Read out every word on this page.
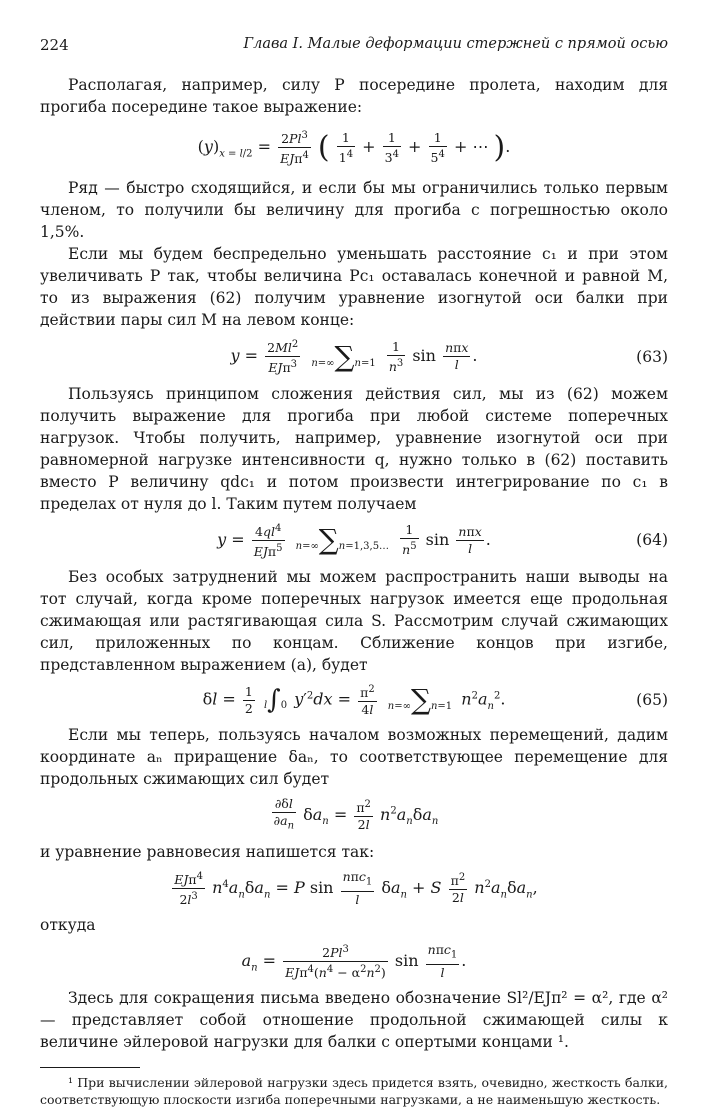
224	Глава I. Малые деформации стержней с прямой осью

Располагая, например, силу P посередине пролета, находим для прогиба посередине такое выражение:

$(y)_{x = l/2} = \frac{2Pl^3}{EJ\pi^4}$ ( $\frac{1}{1^4} + \frac{1}{3^4} + \frac{1}{5^4}$ + ⋯ ).

Ряд — быстро сходящийся, и если бы мы ограничились только первым членом, то получили бы величину для прогиба с погрешностью около 1,5%.

Если мы будем беспредельно уменьшать расстояние c₁ и при этом увеличивать P так, чтобы величина Pc₁ оставалась конечной и равной M, то из выражения (62) получим уравнение изогнутой оси балки при действии пары сил M на левом конце:

$y = \frac{2Ml^2}{EJ\pi^3} n=\infty\sum n=1 \frac{1}{n^3}$ $\sin \frac{\text{nπx}}{l}$ .	(63)

Пользуясь принципом сложения действия сил, мы из (62) можем получить выражение для прогиба при любой системе поперечных нагрузок. Чтобы получить, например, уравнение изогнутой оси при равномерной нагрузке интенсивности q, нужно только в (62) поставить вместо P величину qdc₁ и потом произвести интегрирование по c₁ в пределах от нуля до l. Таким путем получаем

$y = \frac{4ql^4}{EJ\pi^5}$ n=∞∑n=1,3,5… $\frac{1}{n^5}$ $\sin \frac{\text{nπx}}{l}$ .	(64)

Без особых затруднений мы можем распространить наши выводы на тот случай, когда кроме поперечных нагрузок имеется еще продольная сжимающая или растягивающая сила S. Рассмотрим случай сжимающих сил, приложенных по концам. Сближение концов при изгибе, представленном выражением (а), будет

$\delta l = \frac{1}{2} l\int 0$ $y'^2dx = \frac{\pi^2}{4l} n=\infty\sum n=1$ $n^2a_n^2$.	(65)

Если мы теперь, пользуясь началом возможных перемещений, дадим координате aₙ приращение δaₙ, то соответствующее перемещение для продольных сжимающих сил будет

$\frac{\partial\delta l}{\partial a_n} \delta a_n = \frac{\pi^2}{2l} n^2a_n\delta a_n$

и уравнение равновесия напишется так:

$\frac{EJ\pi^4}{2l^3} n^4a_n\delta a_n = P$ $\sin \frac{n\pi c_1}{l} \delta a_n + S \frac{\pi^2}{2l} n^2a_n\delta a_n$,

откуда

$a_n = \frac{2Pl^3}{EJ\pi^4(n^4 - \alpha^2n^2)}$ $\sin \frac{n\pi c_1}{l}$ .

Здесь для сокращения письма введено обозначение Sl²/EJπ² = α², где α² — представляет собой отношение продольной сжимающей силы к величине эйлеровой нагрузки для балки с опертыми концами ¹.

¹ При вычислении эйлеровой нагрузки здесь придется взять, очевидно, жесткость балки, соответствующую плоскости изгиба поперечными нагрузками, а не наименьшую жесткость.
